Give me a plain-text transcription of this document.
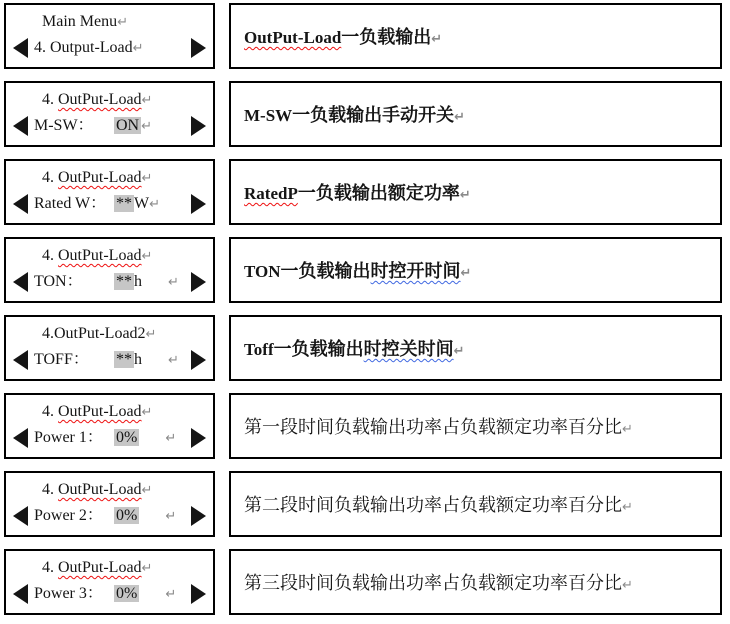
Main Menu↵
4. Output-Load↵

OutPut-Load一负载输出↵

4. OutPut-Load↵
M-SW： ON ↵

M-SW一负载输出手动开关↵

4. OutPut-Load↵
Rated W： ** W↵

RatedP一负载输出额定功率↵

4. OutPut-Load↵
TON： ** h ↵

TON一负载输出时控开时间↵

4.OutPut-Load2↵
TOFF： ** h ↵

Toff一负载输出时控关时间↵

4. OutPut-Load↵
Power 1： 0% ↵

第一段时间负载输出功率占负载额定功率百分比↵

4. OutPut-Load↵
Power 2： 0% ↵

第二段时间负载输出功率占负载额定功率百分比↵

4. OutPut-Load↵
Power 3： 0% ↵

第三段时间负载输出功率占负载额定功率百分比↵
